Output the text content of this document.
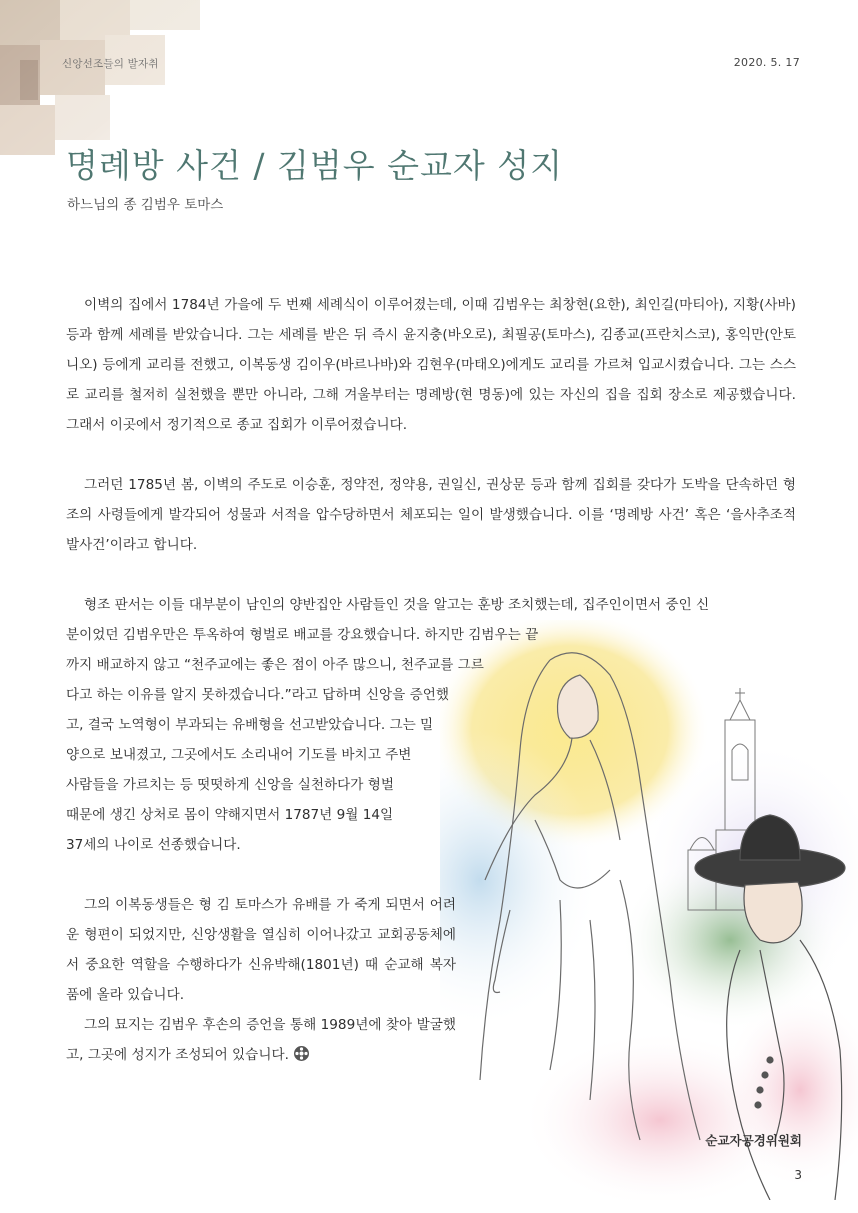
신앙선조들의 발자취	2020. 5. 17
명례방 사건 / 김범우 순교자 성지
하느님의 종 김범우 토마스

이벽의 집에서 1784년 가을에 두 번째 세례식이 이루어졌는데, 이때 김범우는 최창현(요한), 최인길(마티아), 지황(사바) 등과 함께 세례를 받았습니다. 그는 세례를 받은 뒤 즉시 윤지충(바오로), 최필공(토마스), 김종교(프란치스코), 홍익만(안토니오) 등에게 교리를 전했고, 이복동생 김이우(바르나바)와 김현우(마태오)에게도 교리를 가르쳐 입교시켰습니다. 그는 스스로 교리를 철저히 실천했을 뿐만 아니라, 그해 겨울부터는 명례방(현 명동)에 있는 자신의 집을 집회 장소로 제공했습니다. 그래서 이곳에서 정기적으로 종교 집회가 이루어졌습니다.

그러던 1785년 봄, 이벽의 주도로 이승훈, 정약전, 정약용, 권일신, 권상문 등과 함께 집회를 갖다가 도박을 단속하던 형조의 사령들에게 발각되어 성물과 서적을 압수당하면서 체포되는 일이 발생했습니다. 이를 ‘명례방 사건’ 혹은 ‘을사추조적발사건’이라고 합니다.

형조 판서는 이들 대부분이 남인의 양반집안 사람들인 것을 알고는 훈방 조치했는데, 집주인이면서 중인 신

분이었던 김범우만은 투옥하여 형벌로 배교를 강요했습니다. 하지만 김범우는 끝
까지 배교하지 않고 “천주교에는 좋은 점이 아주 많으니, 천주교를 그르
다고 하는 이유를 알지 못하겠습니다.”라고 답하며 신앙을 증언했
고, 결국 노역형이 부과되는 유배형을 선고받았습니다. 그는 밀
양으로 보내졌고, 그곳에서도 소리내어 기도를 바치고 주변
사람들을 가르치는 등 떳떳하게 신앙을 실천하다가 형벌
때문에 생긴 상처로 몸이 약해지면서 1787년 9월 14일
37세의 나이로 선종했습니다.

그의 이복동생들은 형 김 토마스가 유배를 가 죽게 되면서 어려운 형편이 되었지만, 신앙생활을 열심히 이어나갔고 교회공동체에서 중요한 역할을 수행하다가 신유박해(1801년) 때 순교해 복자품에 올라 있습니다.

그의 묘지는 김범우 후손의 증언을 통해 1989년에 찾아 발굴했고, 그곳에 성지가 조성되어 있습니다.

순교자공경위원회
3
